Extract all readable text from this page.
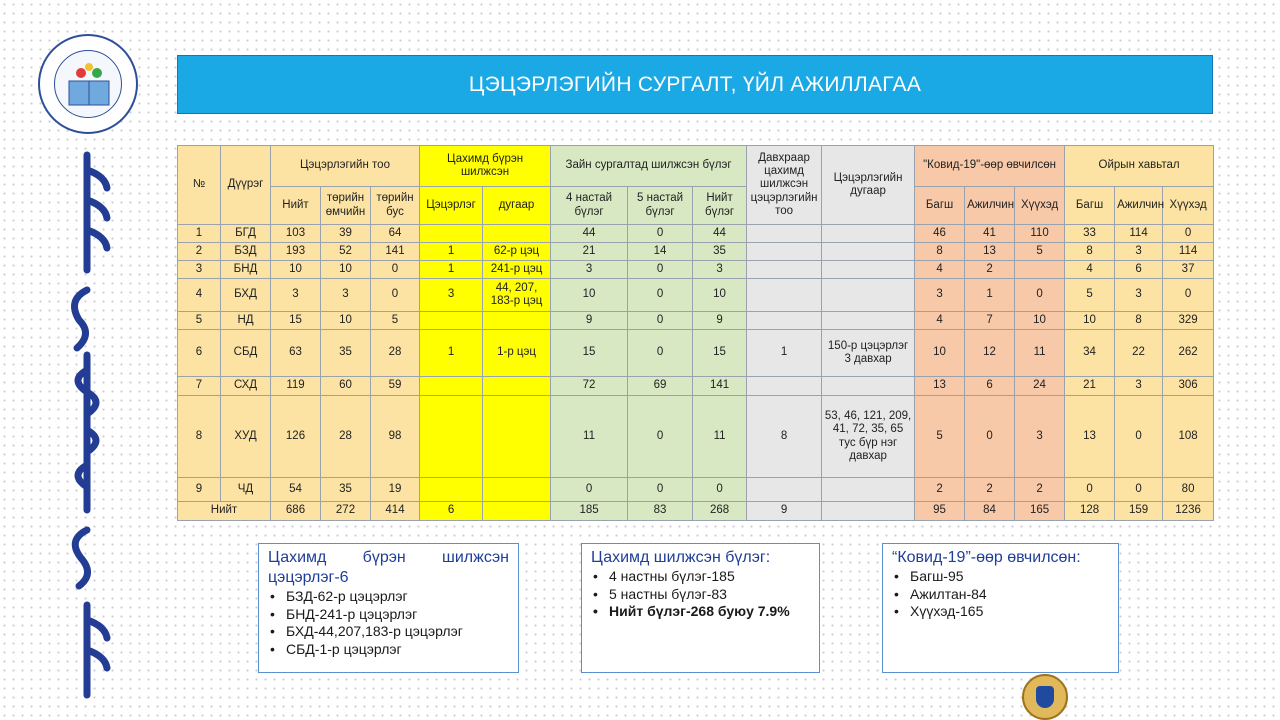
ЦЭЦЭРЛЭГИЙН СУРГАЛТ, ҮЙЛ АЖИЛЛАГАА
№	Дүүрэг	Цэцэрлэгийн тоо			Цахимд бүрэн шилжсэн		Зайн сургалтад шилжсэн бүлэг			Давхраар цахимд шилжсэн цэцэрлэгийн тоо	Цэцэрлэгийн дугаар	"Ковид-19"-өөр өвчилсөн			Ойрын хавьтал		
		Нийт	төрийн өмчийн	төрийн бус	Цэцэрлэг	дугаар	4 настай бүлэг	5 настай бүлэг	Нийт бүлэг			Багш	Ажилчин	Хүүхэд	Багш	Ажилчин	Хүүхэд
1	БГД	103	39	64			44	0	44			46	41	110	33	114	0
2	БЗД	193	52	141	1	62-р цэц	21	14	35			8	13	5	8	3	114
3	БНД	10	10	0	1	241-р цэц	3	0	3			4	2		4	6	37
4	БХД	3	3	0	3	44, 207, 183-р цэц	10	0	10			3	1	0	5	3	0
5	НД	15	10	5			9	0	9			4	7	10	10	8	329
6	СБД	63	35	28	1	1-р цэц	15	0	15	1	150-р цэцэрлэг 3 давхар	10	12	11	34	22	262
7	СХД	119	60	59			72	69	141			13	6	24	21	3	306
8	ХУД	126	28	98			11	0	11	8	53, 46, 121, 209, 41, 72, 35, 65 тус бүр нэг давхар	5	0	3	13	0	108
9	ЧД	54	35	19			0	0	0			2	2	2	0	0	80
Нийт		686	272	414	6		185	83	268	9		95	84	165	128	159	1236
Цахимд бүрэн шилжсэн цэцэрлэг-6
• БЗД-62-р цэцэрлэг
• БНД-241-р цэцэрлэг
• БХД-44,207,183-р цэцэрлэг
• СБД-1-р цэцэрлэг
Цахимд шилжсэн бүлэг:
• 4 настны бүлэг-185
• 5 настны бүлэг-83
• Нийт бүлэг-268 буюу 7.9%
“Ковид-19”-өөр өвчилсөн:
• Багш-95
• Ажилтан-84
• Хүүхэд-165
